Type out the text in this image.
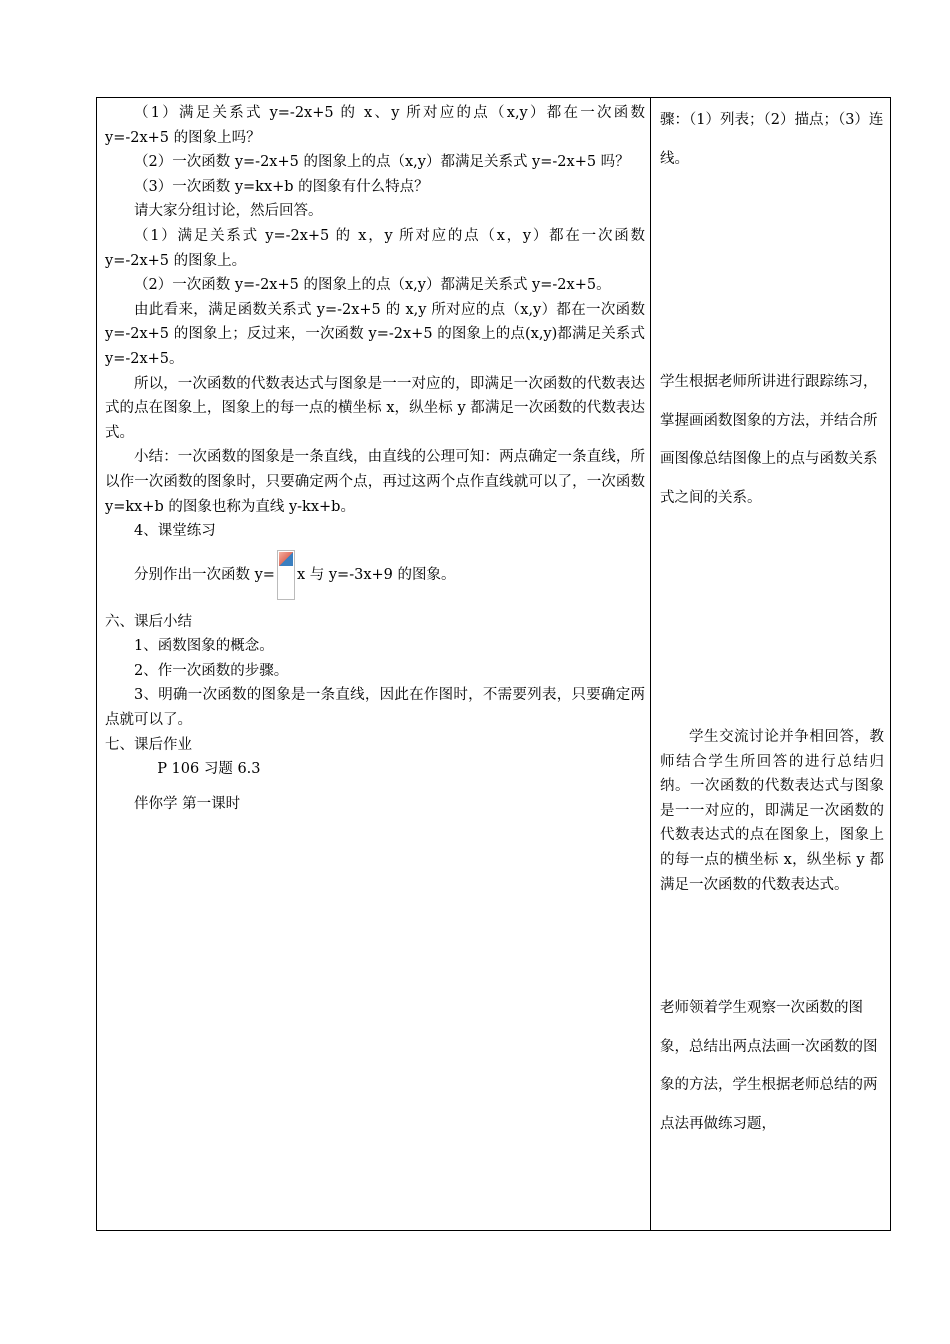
（1）满足关系式 y=-2x+5 的 x、y 所对应的点（x,y）都在一次函数 y=-2x+5 的图象上吗？

（2）一次函数 y=-2x+5 的图象上的点（x,y）都满足关系式 y=-2x+5 吗？

（3）一次函数 y=kx+b 的图象有什么特点？

请大家分组讨论，然后回答。

（1）满足关系式 y=-2x+5 的 x，y 所对应的点（x，y）都在一次函数 y=-2x+5 的图象上。

（2）一次函数 y=-2x+5 的图象上的点（x,y）都满足关系式 y=-2x+5。

由此看来，满足函数关系式 y=-2x+5 的 x,y 所对应的点（x,y）都在一次函数 y=-2x+5 的图象上；反过来，一次函数 y=-2x+5 的图象上的点(x,y)都满足关系式 y=-2x+5。

所以，一次函数的代数表达式与图象是一一对应的，即满足一次函数的代数表达式的点在图象上，图象上的每一点的横坐标 x，纵坐标 y 都满足一次函数的代数表达式。

小结：一次函数的图象是一条直线，由直线的公理可知：两点确定一条直线，所以作一次函数的图象时，只要确定两个点，再过这两个点作直线就可以了，一次函数 y=kx+b 的图象也称为直线 y-kx+b。

4、课堂练习

分别作出一次函数 y= x 与 y=-3x+9 的图象。

六、课后小结

1、函数图象的概念。

2、作一次函数的步骤。

3、明确一次函数的图象是一条直线，因此在作图时，不需要列表，只要确定两点就可以了。

七、课后作业

P 106 习题 6.3

伴你学 第一课时

骤：（1）列表；（2）描点；（3）连线。

学生根据老师所讲进行跟踪练习，掌握画函数图象的方法，并结合所画图像总结图像上的点与函数关系式之间的关系。

学生交流讨论并争相回答，教师结合学生所回答的进行总结归纳。一次函数的代数表达式与图象是一一对应的，即满足一次函数的代数表达式的点在图象上，图象上的每一点的横坐标 x，纵坐标 y 都满足一次函数的代数表达式。

老师领着学生观察一次函数的图象，总结出两点法画一次函数的图象的方法，学生根据老师总结的两点法再做练习题，
